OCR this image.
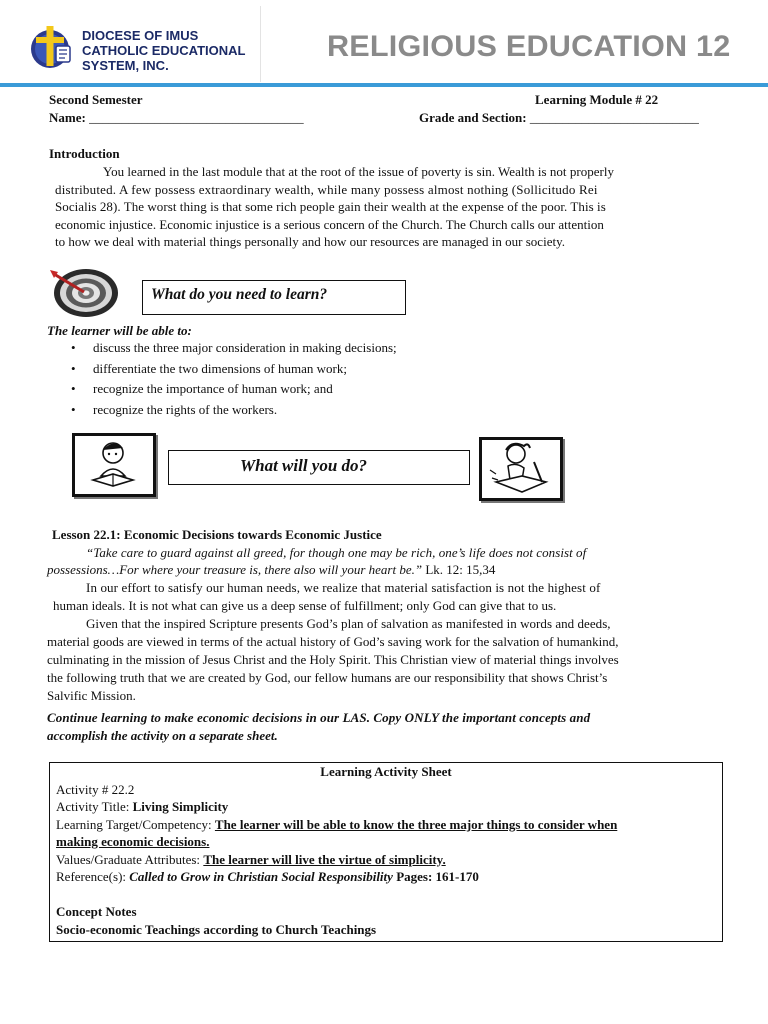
DIOCESE OF IMUS
CATHOLIC EDUCATIONAL
SYSTEM, INC.
RELIGIOUS EDUCATION 12
Second Semester	Learning Module # 22
Name: _________________________________	Grade and Section: __________________________
Introduction
You learned in the last module that at the root of the issue of poverty is sin. Wealth is not properly
distributed. A few possess extraordinary wealth, while many possess almost nothing (Sollicitudo Rei
Socialis 28). The worst thing is that some rich people gain their wealth at the expense of the poor. This is
economic injustice. Economic injustice is a serious concern of the Church. The Church calls our attention
to how we deal with material things personally and how our resources are managed in our society.
What do you need to learn?
The learner will be able to:
• discuss the three major consideration in making decisions;
• differentiate the two dimensions of human work;
• recognize the importance of human work; and
• recognize the rights of the workers.
What will you do?
Lesson 22.1: Economic Decisions towards Economic Justice
“Take care to guard against all greed, for though one may be rich, one’s life does not consist of
possessions…For where your treasure is, there also will your heart be.” Lk. 12: 15,34
In our effort to satisfy our human needs, we realize that material satisfaction is not the highest of
human ideals. It is not what can give us a deep sense of fulfillment; only God can give that to us.
Given that the inspired Scripture presents God’s plan of salvation as manifested in words and deeds,
material goods are viewed in terms of the actual history of God’s saving work for the salvation of humankind,
culminating in the mission of Jesus Christ and the Holy Spirit. This Christian view of material things involves
the following truth that we are created by God, our fellow humans are our responsibility that shows Christ’s
Salvific Mission.
Continue learning to make economic decisions in our LAS. Copy ONLY the important concepts and
accomplish the activity on a separate sheet.
Learning Activity Sheet
Activity # 22.2
Activity Title: Living Simplicity
Learning Target/Competency: The learner will be able to know the three major things to consider when
making economic decisions.
Values/Graduate Attributes: The learner will live the virtue of simplicity.
Reference(s): Called to Grow in Christian Social Responsibility Pages: 161-170
Concept Notes
Socio-economic Teachings according to Church Teachings
